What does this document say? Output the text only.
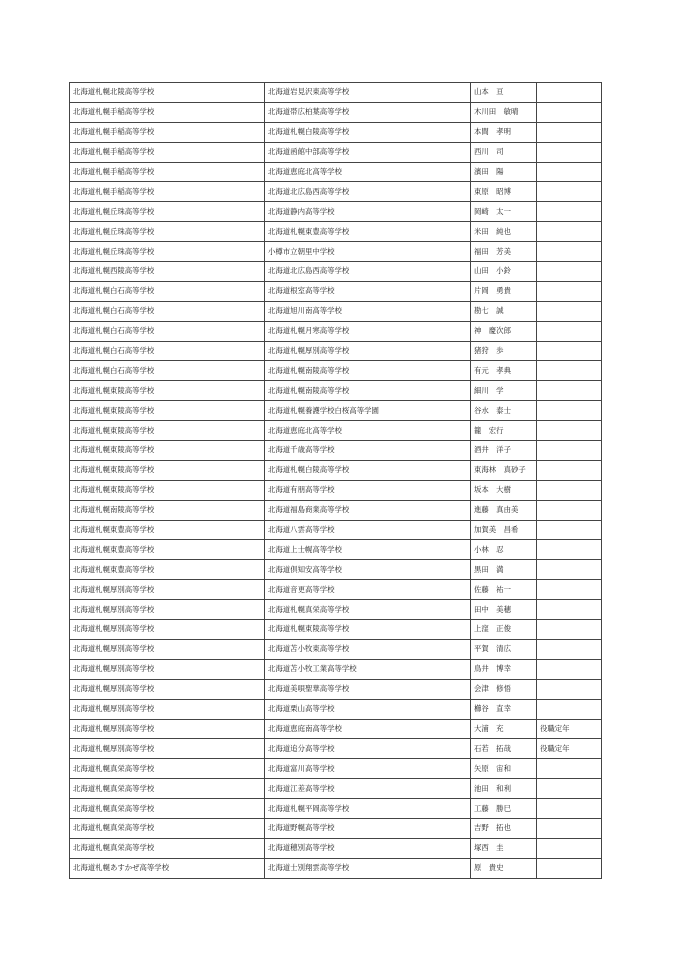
北海道札幌北陵高等学校	北海道岩見沢東高等学校	山本　亘	
北海道札幌手稲高等学校	北海道帯広柏葉高等学校	木川田　敏晴	
北海道札幌手稲高等学校	北海道札幌白陵高等学校	本間　孝明	
北海道札幌手稲高等学校	北海道函館中部高等学校	西川　司	
北海道札幌手稲高等学校	北海道恵庭北高等学校	濱田　陽	
北海道札幌手稲高等学校	北海道北広島西高等学校	東原　昭博	
北海道札幌丘珠高等学校	北海道静内高等学校	岡崎　太一	
北海道札幌丘珠高等学校	北海道札幌東豊高等学校	米田　純也	
北海道札幌丘珠高等学校	小樽市立朝里中学校	福田　芳美	
北海道札幌西陵高等学校	北海道北広島西高等学校	山田　小鈴	
北海道札幌白石高等学校	北海道根室高等学校	片岡　勇貴	
北海道札幌白石高等学校	北海道旭川南高等学校	勘七　誠	
北海道札幌白石高等学校	北海道札幌月寒高等学校	神　慶次郎	
北海道札幌白石高等学校	北海道札幌厚別高等学校	猪狩　歩	
北海道札幌白石高等学校	北海道札幌南陵高等学校	有元　孝典	
北海道札幌東陵高等学校	北海道札幌南陵高等学校	細川　学	
北海道札幌東陵高等学校	北海道札幌養護学校白桜高等学園	谷水　泰士	
北海道札幌東陵高等学校	北海道恵庭北高等学校	籠　宏行	
北海道札幌東陵高等学校	北海道千歳高等学校	酒井　洋子	
北海道札幌東陵高等学校	北海道札幌白陵高等学校	東海林　真砂子	
北海道札幌東陵高等学校	北海道有朋高等学校	坂本　大樹	
北海道札幌南陵高等学校	北海道福島商業高等学校	進藤　真由美	
北海道札幌東豊高等学校	北海道八雲高等学校	加賀美　昌希	
北海道札幌東豊高等学校	北海道上士幌高等学校	小林　忍	
北海道札幌東豊高等学校	北海道倶知安高等学校	黒田　満	
北海道札幌厚別高等学校	北海道音更高等学校	佐藤　祐一	
北海道札幌厚別高等学校	北海道札幌真栄高等学校	田中　美穂	
北海道札幌厚別高等学校	北海道札幌東陵高等学校	上窪　正俊	
北海道札幌厚別高等学校	北海道苫小牧東高等学校	平賀　清広	
北海道札幌厚別高等学校	北海道苫小牧工業高等学校	鳥井　博幸	
北海道札幌厚別高等学校	北海道美唄聖華高等学校	会津　修悟	
北海道札幌厚別高等学校	北海道栗山高等学校	櫛谷　直幸	
北海道札幌厚別高等学校	北海道恵庭南高等学校	大浦　充	役職定年
北海道札幌厚別高等学校	北海道追分高等学校	石若　拓哉	役職定年
北海道札幌真栄高等学校	北海道富川高等学校	矢原　宙和	
北海道札幌真栄高等学校	北海道江差高等学校	池田　和利	
北海道札幌真栄高等学校	北海道札幌平岡高等学校	工藤　勝巳	
北海道札幌真栄高等学校	北海道野幌高等学校	吉野　拓也	
北海道札幌真栄高等学校	北海道穂別高等学校	塚西　圭	
北海道札幌あすかぜ高等学校	北海道士別翔雲高等学校	原　貴史	
